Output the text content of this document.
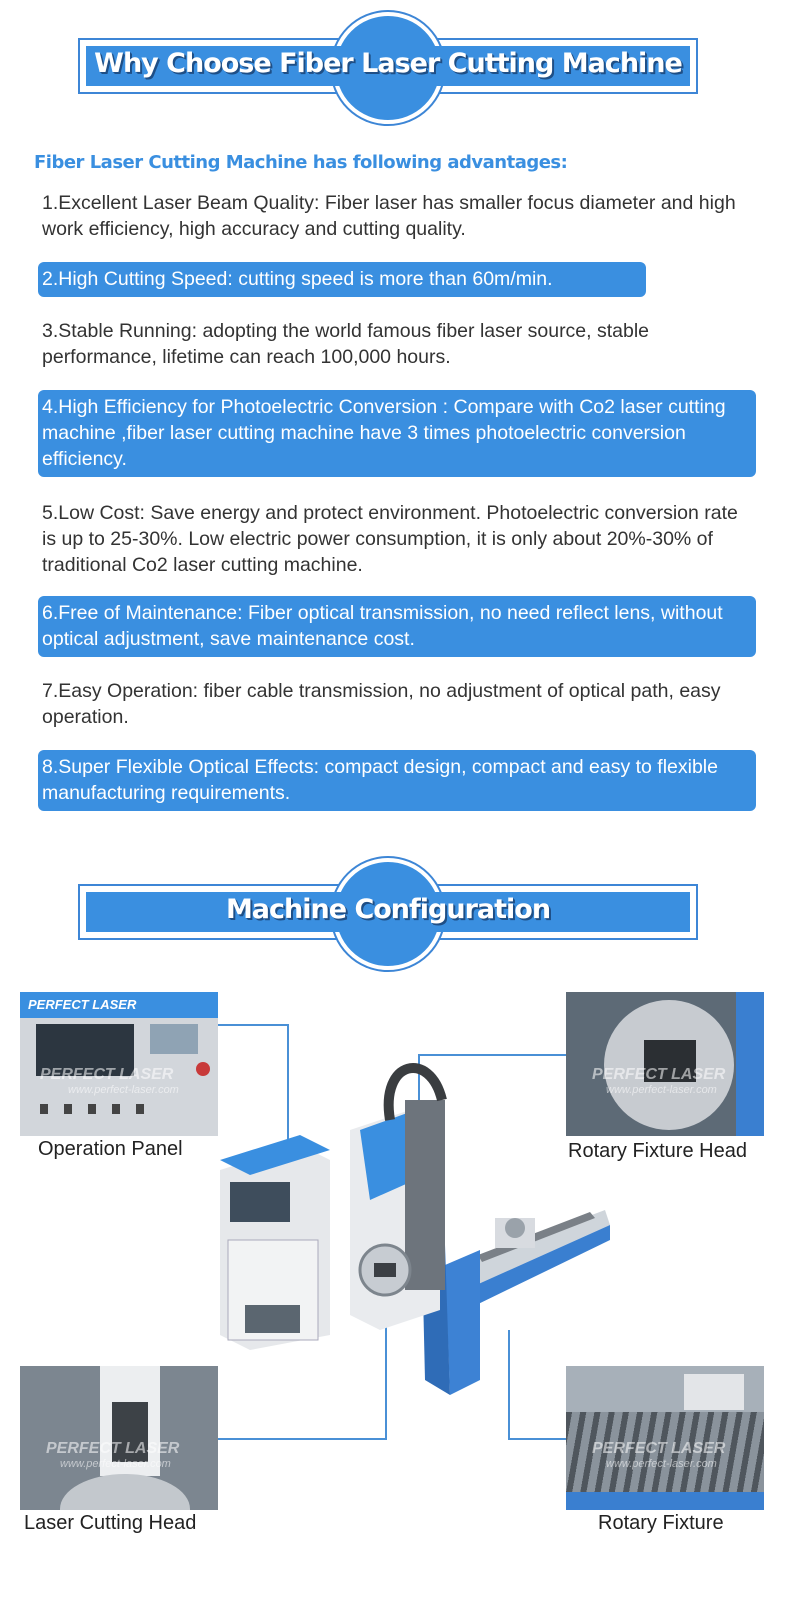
Why Choose Fiber Laser Cutting Machine
Fiber Laser Cutting Machine has following advantages:
1.Excellent Laser Beam Quality: Fiber laser has smaller focus diameter and high work efficiency, high accuracy and cutting quality.
2.High Cutting Speed: cutting speed is more than 60m/min.
3.Stable Running: adopting the world famous fiber laser source, stable performance, lifetime can reach 100,000 hours.
4.High Efficiency for Photoelectric Conversion : Compare with Co2 laser cutting machine ,fiber laser cutting machine have 3 times photoelectric conversion efficiency.
5.Low Cost: Save energy and protect environment. Photoelectric conversion rate is up to 25-30%. Low electric power consumption, it is only about 20%-30% of traditional Co2 laser cutting machine.
6.Free of Maintenance: Fiber optical transmission, no need reflect lens, without optical adjustment, save maintenance cost.
7.Easy Operation: fiber cable transmission, no adjustment of optical path, easy operation.
8.Super Flexible Optical Effects: compact design, compact and easy to flexible manufacturing requirements.
Machine Configuration
PERFECT LASER
PERFECT LASER
www.perfect-laser.com
Operation Panel
PERFECT LASER
www.perfect-laser.com
Rotary Fixture Head
PERFECT LASER
www.perfect-laser.com
Laser Cutting Head
PERFECT LASER
www.perfect-laser.com
Rotary Fixture
